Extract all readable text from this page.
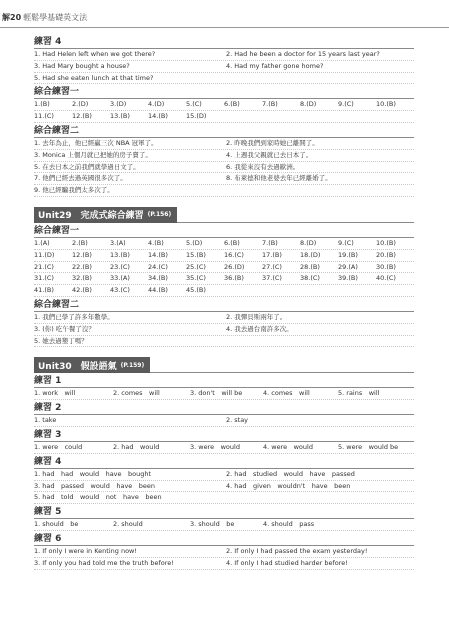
解20 輕鬆學基礎英文法
練習 4
1. Had Helen left when we got there?	2. Had he been a doctor for 15 years last year?
3. Had Mary bought a house?	4. Had my father gone home?
5. Had she eaten lunch at that time?
綜合練習一
1.(B)	2.(D)	3.(D)	4.(D)	5.(C)	6.(B)	7.(B)	8.(D)	9.(C)	10.(B)
11.(C)	12.(B)	13.(B)	14.(B)	15.(D)
綜合練習二
1. 去年為止，他已經贏三次 NBA 冠軍了。	2. 昨晚我們到家時她已離開了。
3. Monica 上個月就已把她的房子賣了。	4. 上週我父親就已去日本了。
5. 在去日本之前我們就學過日文了。	6. 我從來沒有去過歐洲。
7. 他們已經去過英國很多次了。	8. 布萊德和他老婆去年已經離婚了。
9. 他已經騙我們太多次了。
Unit29　完成式綜合練習 (P.156)
綜合練習一
1.(A)	2.(B)	3.(A)	4.(B)	5.(D)	6.(B)	7.(B)	8.(D)	9.(C)	10.(B)
11.(D)	12.(B)	13.(B)	14.(B)	15.(B)	16.(C)	17.(B)	18.(D)	19.(B)	20.(B)
21.(C)	22.(B)	23.(C)	24.(C)	25.(C)	26.(D)	27.(C)	28.(B)	29.(A)	30.(B)
31.(C)	32.(B)	33.(A)	34.(B)	35.(C)	36.(B)	37.(C)	38.(C)	39.(B)	40.(C)
41.(B)	42.(B)	43.(C)	44.(B)	45.(B)
綜合練習二
1. 我們已學了許多年數學。	2. 我彈貝斯兩年了。
3. (你) 吃午餐了沒？	4. 我去過台南許多次。
5. 她去過墾丁嗎？
Unit30　假設語氣 (P.159)
練習 1
1. work　will	2. comes　will	3. don't　will be	4. comes　will	5. rains　will
練習 2
1. take	2. stay
練習 3
1. were　could	2. had　would	3. were　would	4. were　would	5. were　would be
練習 4
1. had　had　would　have　bought	2. had　studied　would　have　passed
3. had　passed　would　have　been	4. had　given　wouldn't　have　been
5. had　told　would　not　have　been
練習 5
1. should　be	2. should	3. should　be	4. should　pass
練習 6
1. If only I were in Kenting now!	2. If only I had passed the exam yesterday!
3. If only you had told me the truth before!	4. If only I had studied harder before!
